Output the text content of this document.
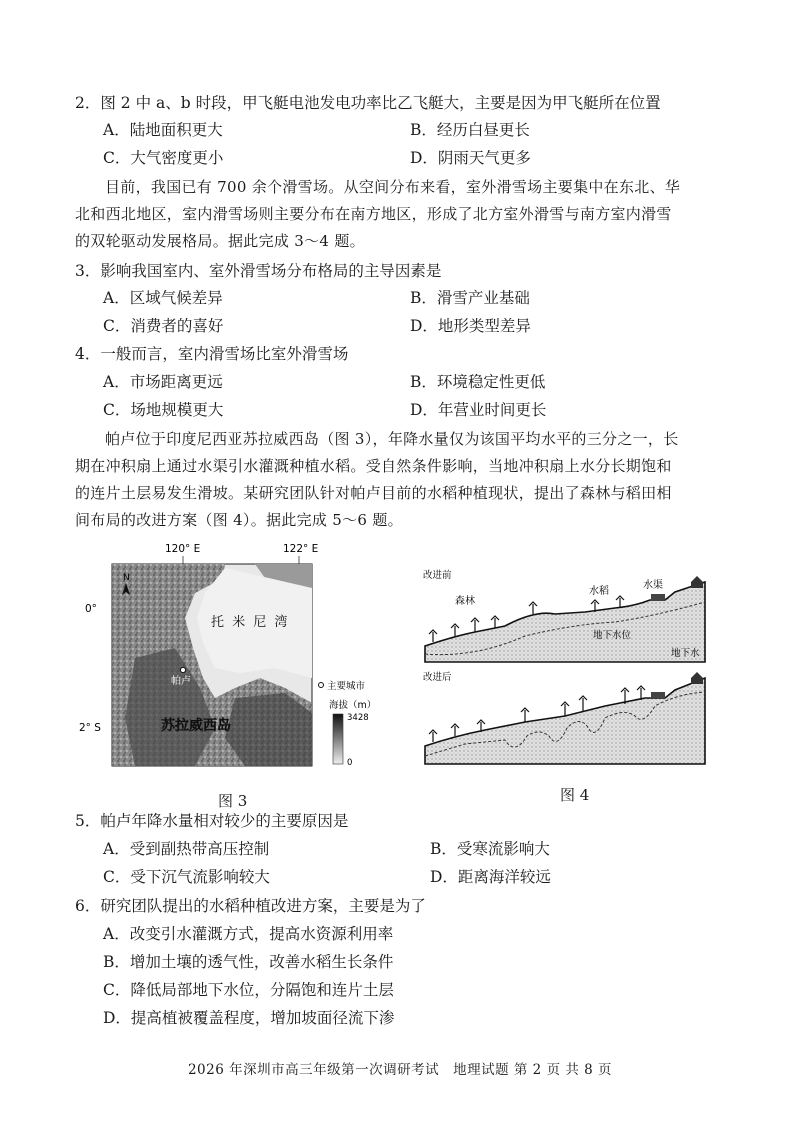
2．图 2 中 a、b 时段，甲飞艇电池发电功率比乙飞艇大，主要是因为甲飞艇所在位置
A．陆地面积更大	B．经历白昼更长
C．大气密度更小	D．阴雨天气更多
目前，我国已有 700 余个滑雪场。从空间分布来看，室外滑雪场主要集中在东北、华
北和西北地区，室内滑雪场则主要分布在南方地区，形成了北方室外滑雪与南方室内滑雪
的双轮驱动发展格局。据此完成 3～4 题。
3．影响我国室内、室外滑雪场分布格局的主导因素是
A．区域气候差异	B．滑雪产业基础
C．消费者的喜好	D．地形类型差异
4．一般而言，室内滑雪场比室外滑雪场
A．市场距离更远	B．环境稳定性更低
C．场地规模更大	D．年营业时间更长
帕卢位于印度尼西亚苏拉威西岛（图 3），年降水量仅为该国平均水平的三分之一，长
期在冲积扇上通过水渠引水灌溉种植水稻。受自然条件影响，当地冲积扇上水分长期饱和
的连片土层易发生滑坡。某研究团队针对帕卢目前的水稻种植现状，提出了森林与稻田相
间布局的改进方案（图 4）。据此完成 5～6 题。
120° E	122° E
0°
2° S
N
托 米 尼 湾
帕卢
苏拉威西岛
主要城市
海拔（m）
3428
0
图 3
改进前
森林
水稻
水渠
地下水位
地下水
改进后
图 4
5．帕卢年降水量相对较少的主要原因是
A．受到副热带高压控制	B．受寒流影响大
C．受下沉气流影响较大	D．距离海洋较远
6．研究团队提出的水稻种植改进方案，主要是为了
A．改变引水灌溉方式，提高水资源利用率
B．增加土壤的透气性，改善水稻生长条件
C．降低局部地下水位，分隔饱和连片土层
D．提高植被覆盖程度，增加坡面径流下渗
2026 年深圳市高三年级第一次调研考试　地理试题 第 2 页 共 8 页
